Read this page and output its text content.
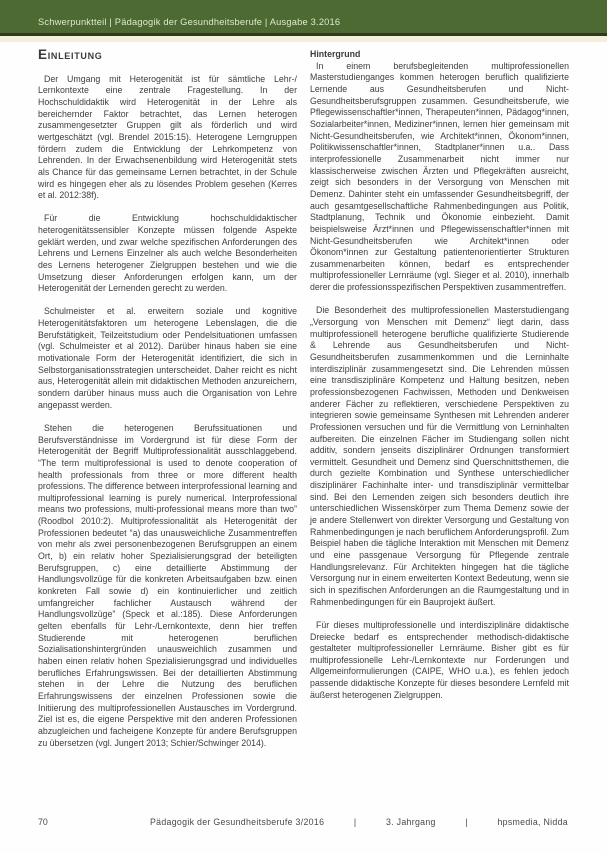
Schwerpunktteil | Pädagogik der Gesundheitsberufe | Ausgabe 3.2016
Einleitung

Der Umgang mit Heterogenität ist für sämtliche Lehr-/ Lernkontexte eine zentrale Fragestellung. In der Hochschuldidaktik wird Heterogenität in der Lehre als bereichernder Faktor betrachtet, das Lernen heterogen zusammengesetzter Gruppen gilt als förderlich und wird wertgeschätzt (vgl. Brendel 2015:15). Heterogene Lerngruppen fördern zudem die Entwicklung der Lehrkompetenz von Lehrenden. In der Erwachsenenbildung wird Heterogenität stets als Chance für das gemeinsame Lernen betrachtet, in der Schule wird es hingegen eher als zu lösendes Problem gesehen (Kerres et al. 2012:38f).

Für die Entwicklung hochschuldidaktischer heterogenitätssensibler Konzepte müssen folgende Aspekte geklärt werden, und zwar welche spezifischen Anforderungen des Lehrens und Lernens Einzelner als auch welche Besonderheiten des Lernens heterogener Zielgruppen bestehen und wie die Umsetzung dieser Anforderungen erfolgen kann, um der Heterogenität der Lernenden gerecht zu werden.

Schulmeister et al. erweitern soziale und kognitive Heterogenitätsfaktoren um heterogene Lebenslagen, die die Berufstätigkeit, Teilzeitstudium oder Pendelsituationen umfassen (vgl. Schulmeister et al 2012). Darüber hinaus haben sie eine motivationale Form der Heterogenität identifiziert, die sich in Selbstorganisationsstrategien unterscheidet. Daher reicht es nicht aus, Heterogenität allein mit didaktischen Methoden anzureichern, sondern darüber hinaus muss auch die Organisation von Lehre angepasst werden.

Stehen die heterogenen Berufssituationen und Berufsverständnisse im Vordergrund ist für diese Form der Heterogenität der Begriff Multiprofessionalität ausschlaggebend. “The term multiprofessional is used to denote cooperation of health professionals from three or more different health professions. The difference between interprofessional learning and multiprofessional learning is purely numerical. Interprofessional means two professions, multi-professional means more than two” (Roodbol 2010:2). Multiprofessionalität als Heterogenität der Professionen bedeutet “a) das unausweichliche Zusammentreffen von mehr als zwei personenbezogenen Berufsgruppen an einem Ort, b) ein relativ hoher Spezialisierungsgrad der beteiligten Berufsgruppen, c) eine detaillierte Abstimmung der Handlungsvollzüge für die konkreten Arbeitsaufgaben bzw. einen konkreten Fall sowie d) ein kontinuierlicher und zeitlich umfangreicher fachlicher Austausch während der Handlungsvollzüge” (Speck et al.:185). Diese Anforderungen gelten ebenfalls für Lehr-/Lernkontexte, denn hier treffen Studierende mit heterogenen beruflichen Sozialisationshintergründen unausweichlich zusammen und haben einen relativ hohen Spezialisierungsgrad und individuelles berufliches Erfahrungswissen. Bei der detaillierten Abstimmung stehen in der Lehre die Nutzung des beruflichen Erfahrungswissens der einzelnen Professionen sowie die Initiierung des multiprofessionellen Austausches im Vordergrund. Ziel ist es, die eigene Perspektive mit den anderen Professionen abzugleichen und facheigene Konzepte für andere Berufsgruppen zu übersetzen (vgl. Jungert 2013; Schier/Schwinger 2014).

Hintergrund

In einem berufsbegleitenden multiprofessionellen Masterstudienganges kommen heterogen beruflich qualifizierte Lernende aus Gesundheitsberufen und Nicht-Gesundheitsberufsgruppen zusammen. Gesundheitsberufe, wie Pflegewissenschaftler*innen, Therapeuten*innen, Pädagog*innen, Sozialarbeiter*innen, Mediziner*innen, lernen hier gemeinsam mit Nicht-Gesundheitsberufen, wie Architekt*innen, Ökonom*innen, Politikwissenschaftler*innen, Stadtplaner*innen u.a.. Dass interprofessionelle Zusammenarbeit nicht immer nur klassischerweise zwischen Ärzten und Pflegekräften ausreicht, zeigt sich besonders in der Versorgung von Menschen mit Demenz. Dahinter steht ein umfassender Gesundheitsbegriff, der auch gesamtgesellschaftliche Rahmenbedingungen aus Politik, Stadtplanung, Technik und Ökonomie einbezieht. Damit beispielsweise Ärzt*innen und Pflegewissenschaftler*innen mit Nicht-Gesundheitsberufen wie Architekt*innen oder Ökonom*innen zur Gestaltung patientenorientierter Strukturen zusammenarbeiten können, bedarf es entsprechender multiprofessioneller Lernräume (vgl. Sieger et al. 2010), innerhalb derer die professionsspezifischen Perspektiven zusammentreffen.

Die Besonderheit des multiprofessionellen Masterstudiengang „Versorgung von Menschen mit Demenz“ liegt darin, dass multiprofessionell heterogene berufliche qualifizierte Studierende & Lehrende aus Gesundheitsberufen und Nicht-Gesundheitsberufen zusammenkommen und die Lerninhalte interdisziplinär zusammengesetzt sind. Die Lehrenden müssen eine transdisziplinäre Kompetenz und Haltung besitzen, neben professionsbezogenen Fachwissen, Methoden und Denkweisen anderer Fächer zu reflektieren, verschiedene Perspektiven zu integrieren sowie gemeinsame Synthesen mit Lehrenden anderer Professionen versuchen und für die Vermittlung von Lerninhalten aufbereiten. Die einzelnen Fächer im Studiengang sollen nicht additiv, sondern jenseits disziplinärer Ordnungen transformiert vermittelt. Gesundheit und Demenz sind Querschnittsthemen, die durch gezielte Kombination und Synthese unterschiedlicher disziplinärer Fachinhalte inter- und transdisziplinär vermittelbar sind. Bei den Lernenden zeigen sich besonders deutlich ihre unterschiedlichen Wissenskörper zum Thema Demenz sowie der je andere Stellenwert von direkter Versorgung und Gestaltung von Rahmenbedingungen je nach beruflichem Anforderungsprofil. Zum Beispiel haben die tägliche Interaktion mit Menschen mit Demenz und eine passgenaue Versorgung für Pflegende zentrale Handlungsrelevanz. Für Architekten hingegen hat die tägliche Versorgung nur in einem erweiterten Kontext Bedeutung, wenn sie sich in spezifischen Anforderungen an die Raumgestaltung und in Rahmenbedingungen für ein Bauprojekt äußert.

Für dieses multiprofessionelle und interdisziplinäre didaktische Dreiecke bedarf es entsprechender methodisch-didaktische gestalteter multiprofessioneller Lernräume. Bisher gibt es für multiprofessionelle Lehr-/Lernkontexte nur Forderungen und Allgemeinformulierungen (CAIPE, WHO u.a.), es fehlen jedoch passende didaktische Konzepte für dieses besondere Lernfeld mit äußerst heterogenen Zielgruppen.

70	Pädagogik der Gesundheitsberufe 3/2016	|	3. Jahrgang	|	hpsmedia, Nidda
